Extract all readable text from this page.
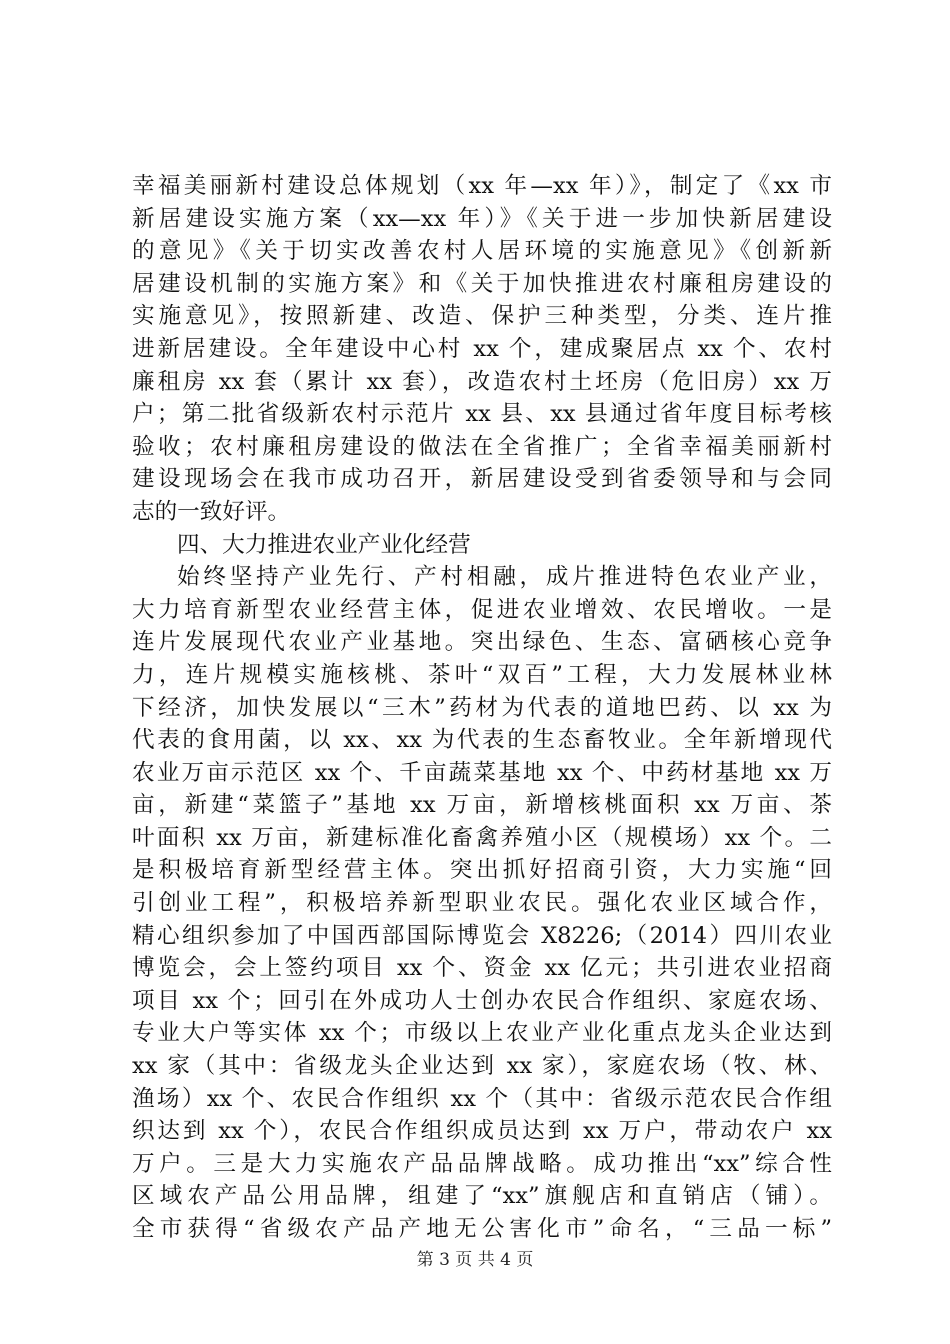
幸福美丽新村建设总体规划（xx 年—xx 年）》，制定了《xx 市
新居建设实施方案（xx—xx 年）》《关于进一步加快新居建设
的意见》《关于切实改善农村人居环境的实施意见》《创新新
居建设机制的实施方案》和《关于加快推进农村廉租房建设的
实施意见》，按照新建、改造、保护三种类型，分类、连片推
进新居建设。全年建设中心村 xx 个，建成聚居点 xx 个、农村
廉租房 xx 套（累计 xx 套），改造农村土坯房（危旧房）xx 万
户；第二批省级新农村示范片 xx 县、xx 县通过省年度目标考核
验收；农村廉租房建设的做法在全省推广；全省幸福美丽新村
建设现场会在我市成功召开，新居建设受到省委领导和与会同
志的一致好评。
四、大力推进农业产业化经营
始终坚持产业先行、产村相融，成片推进特色农业产业，
大力培育新型农业经营主体，促进农业增效、农民增收。一是
连片发展现代农业产业基地。突出绿色、生态、富硒核心竞争
力，连片规模实施核桃、茶叶“双百”工程，大力发展林业林
下经济，加快发展以“三木”药材为代表的道地巴药、以 xx 为
代表的食用菌，以 xx、xx 为代表的生态畜牧业。全年新增现代
农业万亩示范区 xx 个、千亩蔬菜基地 xx 个、中药材基地 xx 万
亩，新建“菜篮子”基地 xx 万亩，新增核桃面积 xx 万亩、茶
叶面积 xx 万亩，新建标准化畜禽养殖小区（规模场）xx 个。二
是积极培育新型经营主体。突出抓好招商引资，大力实施“回
引创业工程”，积极培养新型职业农民。强化农业区域合作，
精心组织参加了中国西部国际博览会 X8226;（2014）四川农业
博览会，会上签约项目 xx 个、资金 xx 亿元；共引进农业招商
项目 xx 个；回引在外成功人士创办农民合作组织、家庭农场、
专业大户等实体 xx 个；市级以上农业产业化重点龙头企业达到
xx 家（其中：省级龙头企业达到 xx 家），家庭农场（牧、林、
渔场）xx 个、农民合作组织 xx 个（其中：省级示范农民合作组
织达到 xx 个），农民合作组织成员达到 xx 万户，带动农户 xx
万户。三是大力实施农产品品牌战略。成功推出“xx”综合性
区域农产品公用品牌，组建了“xx”旗舰店和直销店（铺）。
全市获得“省级农产品产地无公害化市”命名，“三品一标”
第 3 页 共 4 页
